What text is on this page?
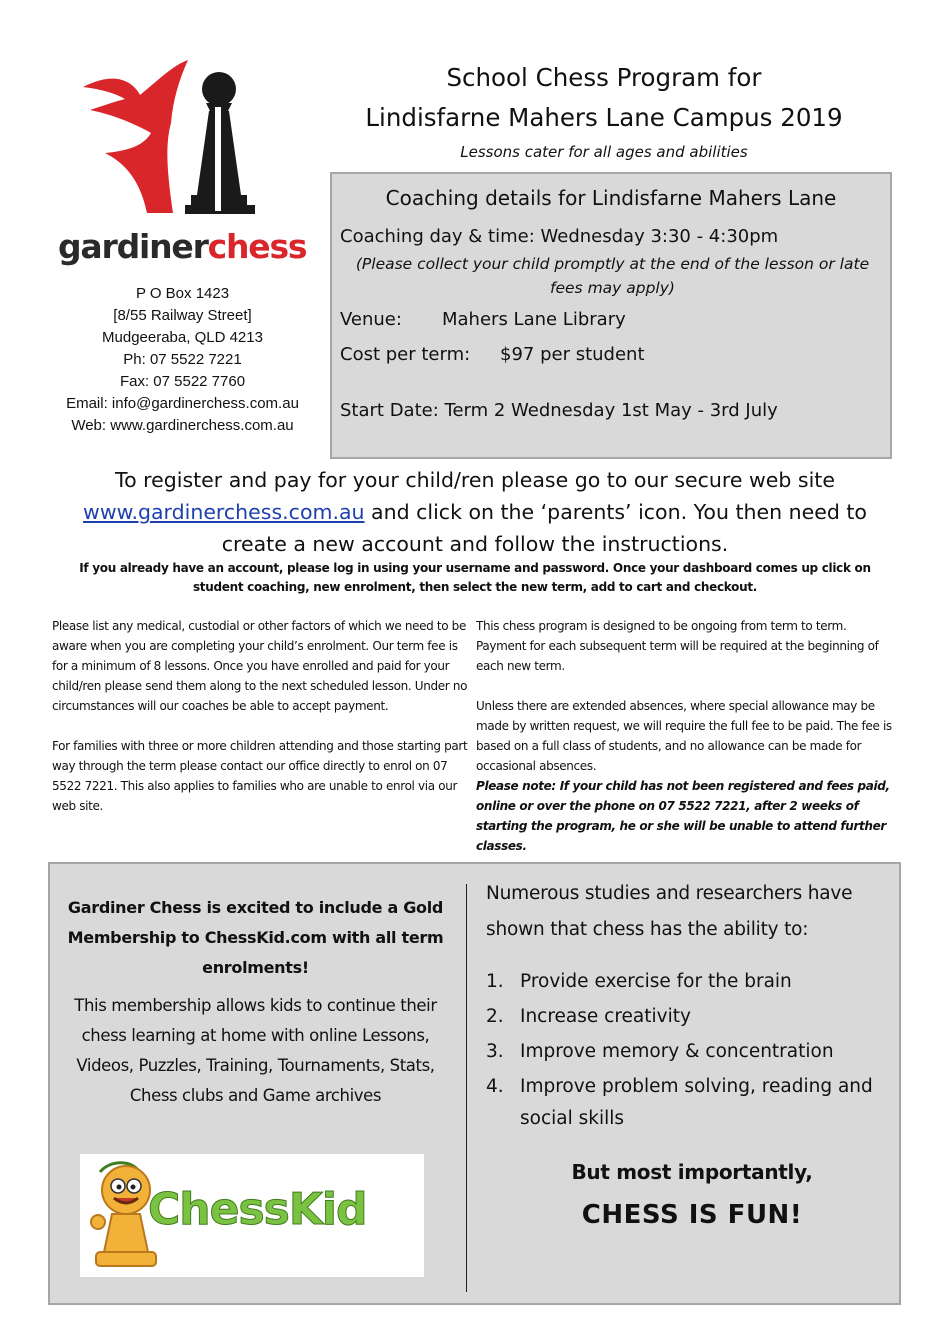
gardinerchess
P O Box 1423
[8/55 Railway Street]
Mudgeeraba, QLD 4213
Ph: 07 5522 7221
Fax: 07 5522 7760
Email: info@gardinerchess.com.au
Web: www.gardinerchess.com.au
School Chess Program for
Lindisfarne Mahers Lane Campus 2019
Lessons cater for all ages and abilities
Coaching details for Lindisfarne Mahers Lane
Coaching day & time: Wednesday 3:30 - 4:30pm
(Please collect your child promptly at the end of the lesson or late fees may apply)
Venue: Mahers Lane Library
Cost per term: $97 per student
Start Date: Term 2 Wednesday 1st May - 3rd July
To register and pay for your child/ren please go to our secure web site www.gardinerchess.com.au and click on the ‘parents’ icon. You then need to create a new account and follow the instructions.
If you already have an account, please log in using your username and password. Once your dashboard comes up click on student coaching, new enrolment, then select the new term, add to cart and checkout.

Please list any medical, custodial or other factors of which we need to be aware when you are completing your child’s enrolment. Our term fee is for a minimum of 8 lessons. Once you have enrolled and paid for your child/ren please send them along to the next scheduled lesson. Under no circumstances will our coaches be able to accept payment.

For families with three or more children attending and those starting part way through the term please contact our office directly to enrol on 07 5522 7221. This also applies to families who are unable to enrol via our web site.

This chess program is designed to be ongoing from term to term. Payment for each subsequent term will be required at the beginning of each new term.

Unless there are extended absences, where special allowance may be made by written request, we will require the full fee to be paid. The fee is based on a full class of students, and no allowance can be made for occasional absences.

Please note: If your child has not been registered and fees paid, online or over the phone on 07 5522 7221, after 2 weeks of starting the program, he or she will be unable to attend further classes.
Gardiner Chess is excited to include a Gold Membership to ChessKid.com with all term enrolments!
This membership allows kids to continue their chess learning at home with online Lessons, Videos, Puzzles, Training, Tournaments, Stats, Chess clubs and Game archives
ChessKid
Numerous studies and researchers have shown that chess has the ability to:
1. Provide exercise for the brain
2. Increase creativity
3. Improve memory & concentration
4. Improve problem solving, reading and social skills
But most importantly,
CHESS IS FUN!
